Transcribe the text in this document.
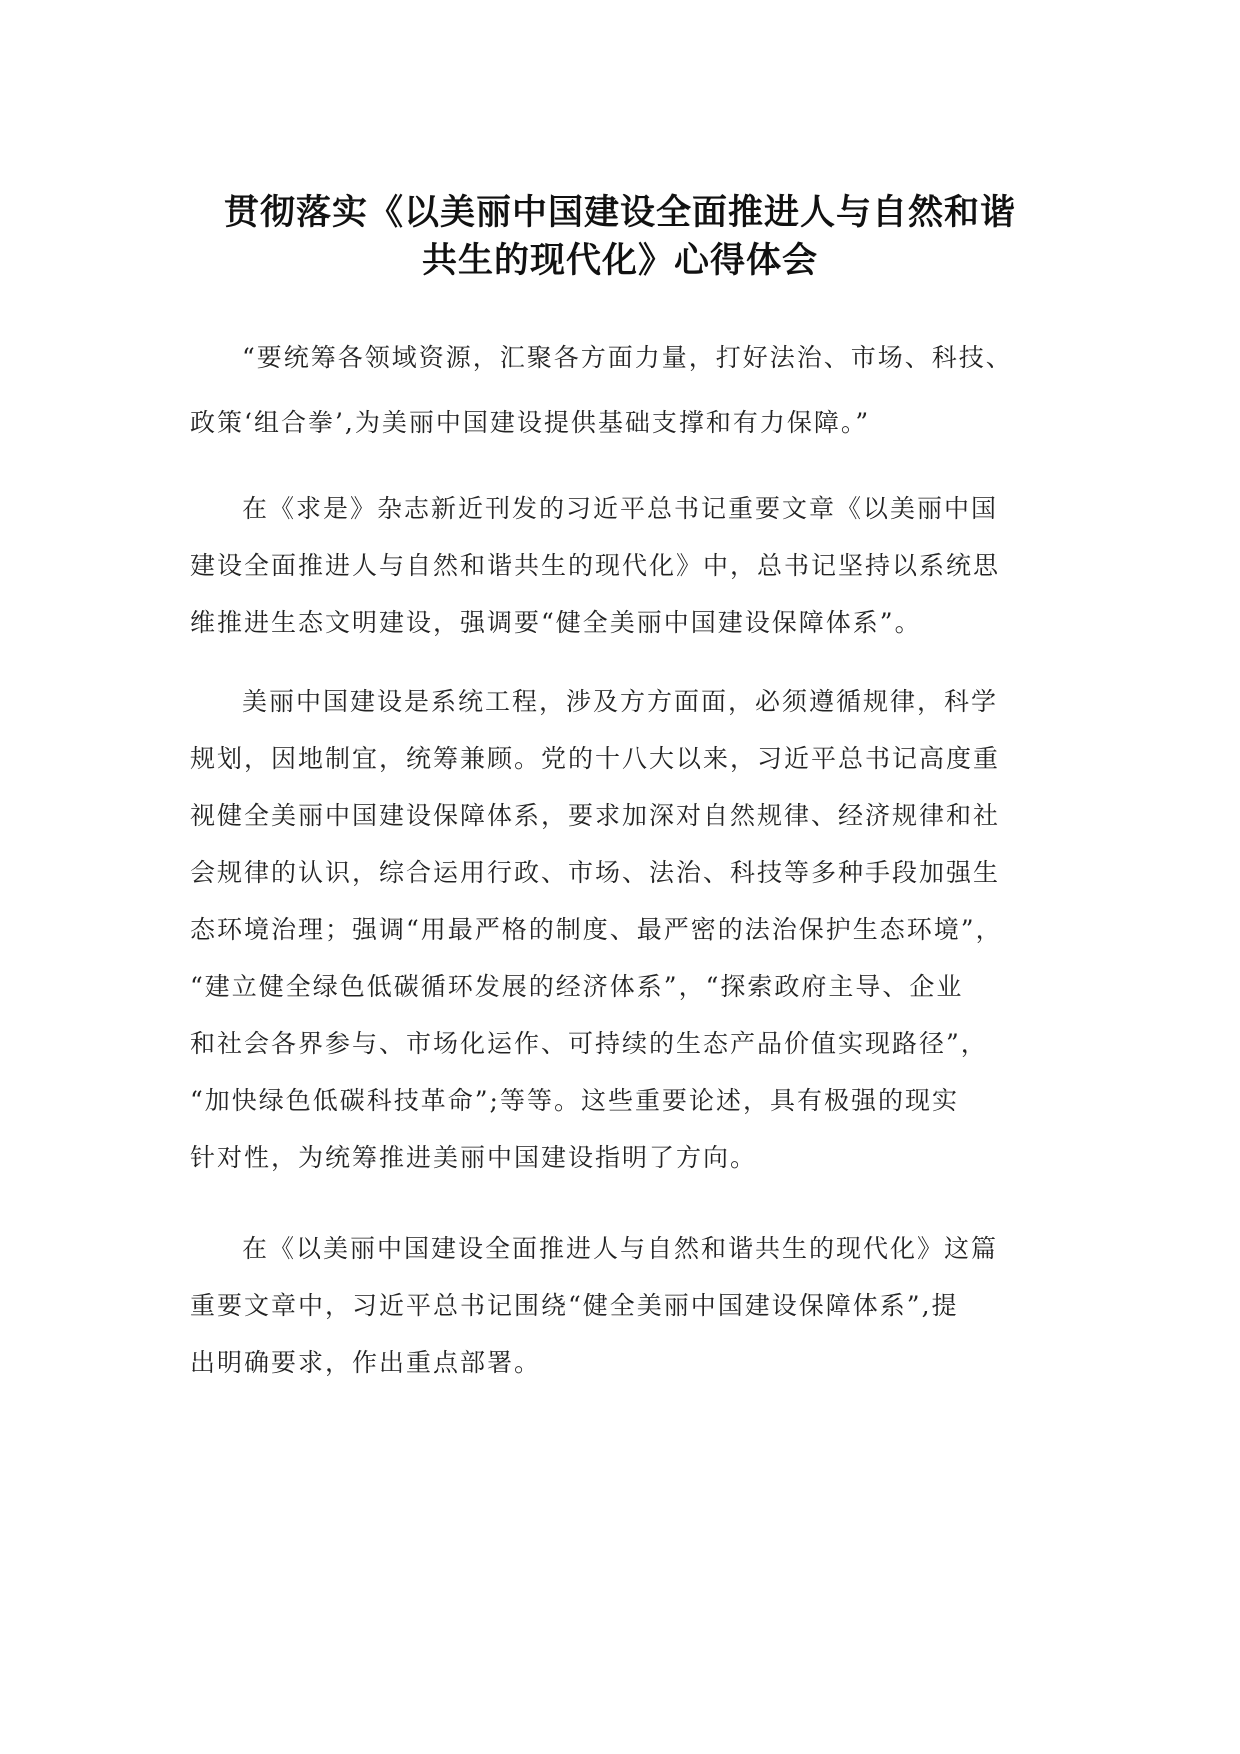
贯彻落实《以美丽中国建设全面推进人与自然和谐
共生的现代化》心得体会

“要统筹各领域资源，汇聚各方面力量，打好法治、市场、科技、
政策‘组合拳’,为美丽中国建设提供基础支撑和有力保障。”

在《求是》杂志新近刊发的习近平总书记重要文章《以美丽中国
建设全面推进人与自然和谐共生的现代化》中，总书记坚持以系统思
维推进生态文明建设，强调要“健全美丽中国建设保障体系”。

美丽中国建设是系统工程，涉及方方面面，必须遵循规律，科学
规划，因地制宜，统筹兼顾。党的十八大以来，习近平总书记高度重
视健全美丽中国建设保障体系，要求加深对自然规律、经济规律和社
会规律的认识，综合运用行政、市场、法治、科技等多种手段加强生
态环境治理；强调“用最严格的制度、最严密的法治保护生态环境”，
“建立健全绿色低碳循环发展的经济体系”，“探索政府主导、企业
和社会各界参与、市场化运作、可持续的生态产品价值实现路径”，
“加快绿色低碳科技革命”;等等。这些重要论述，具有极强的现实
针对性，为统筹推进美丽中国建设指明了方向。

在《以美丽中国建设全面推进人与自然和谐共生的现代化》这篇
重要文章中，习近平总书记围绕“健全美丽中国建设保障体系”,提
出明确要求，作出重点部署。
